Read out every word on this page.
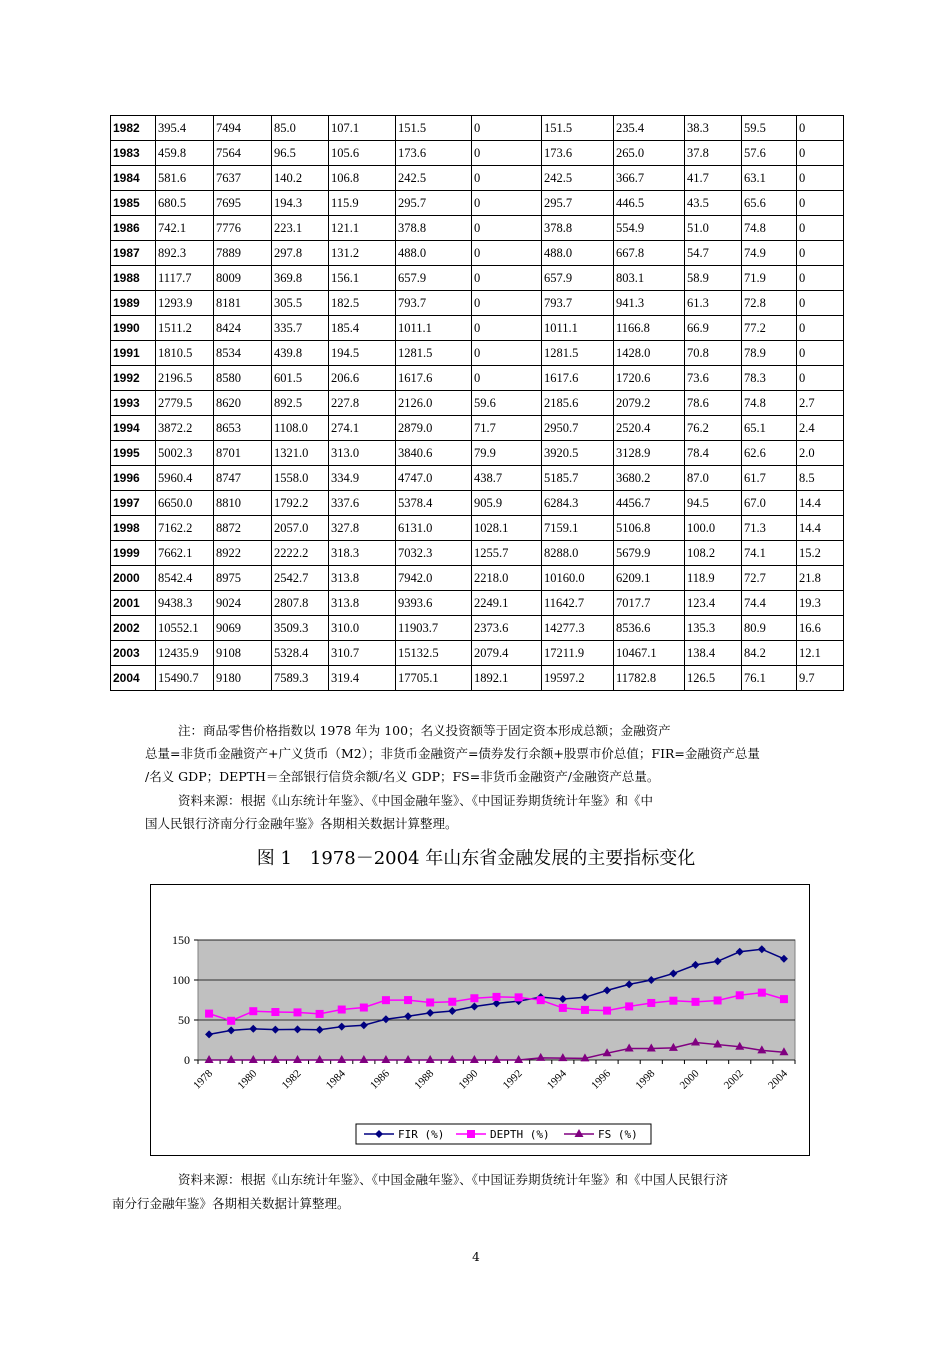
1982	395.4	7494	85.0	107.1	151.5	0	151.5	235.4	38.3	59.5	0
1983	459.8	7564	96.5	105.6	173.6	0	173.6	265.0	37.8	57.6	0
1984	581.6	7637	140.2	106.8	242.5	0	242.5	366.7	41.7	63.1	0
1985	680.5	7695	194.3	115.9	295.7	0	295.7	446.5	43.5	65.6	0
1986	742.1	7776	223.1	121.1	378.8	0	378.8	554.9	51.0	74.8	0
1987	892.3	7889	297.8	131.2	488.0	0	488.0	667.8	54.7	74.9	0
1988	1117.7	8009	369.8	156.1	657.9	0	657.9	803.1	58.9	71.9	0
1989	1293.9	8181	305.5	182.5	793.7	0	793.7	941.3	61.3	72.8	0
1990	1511.2	8424	335.7	185.4	1011.1	0	1011.1	1166.8	66.9	77.2	0
1991	1810.5	8534	439.8	194.5	1281.5	0	1281.5	1428.0	70.8	78.9	0
1992	2196.5	8580	601.5	206.6	1617.6	0	1617.6	1720.6	73.6	78.3	0
1993	2779.5	8620	892.5	227.8	2126.0	59.6	2185.6	2079.2	78.6	74.8	2.7
1994	3872.2	8653	1108.0	274.1	2879.0	71.7	2950.7	2520.4	76.2	65.1	2.4
1995	5002.3	8701	1321.0	313.0	3840.6	79.9	3920.5	3128.9	78.4	62.6	2.0
1996	5960.4	8747	1558.0	334.9	4747.0	438.7	5185.7	3680.2	87.0	61.7	8.5
1997	6650.0	8810	1792.2	337.6	5378.4	905.9	6284.3	4456.7	94.5	67.0	14.4
1998	7162.2	8872	2057.0	327.8	6131.0	1028.1	7159.1	5106.8	100.0	71.3	14.4
1999	7662.1	8922	2222.2	318.3	7032.3	1255.7	8288.0	5679.9	108.2	74.1	15.2
2000	8542.4	8975	2542.7	313.8	7942.0	2218.0	10160.0	6209.1	118.9	72.7	21.8
2001	9438.3	9024	2807.8	313.8	9393.6	2249.1	11642.7	7017.7	123.4	74.4	19.3
2002	10552.1	9069	3509.3	310.0	11903.7	2373.6	14277.3	8536.6	135.3	80.9	16.6
2003	12435.9	9108	5328.4	310.7	15132.5	2079.4	17211.9	10467.1	138.4	84.2	12.1
2004	15490.7	9180	7589.3	319.4	17705.1	1892.1	19597.2	11782.8	126.5	76.1	9.7
注：商品零售价格指数以 1978 年为 100；名义投资额等于固定资本形成总额；金融资产
总量=非货币金融资产+广义货币（M2）；非货币金融资产=债券发行余额+股票市价总值；FIR=金融资产总量
/名义 GDP；DEPTH＝全部银行信贷余额/名义 GDP；FS=非货币金融资产/金融资产总量。
资料来源：根据《山东统计年鉴》、《中国金融年鉴》、《中国证券期货统计年鉴》和《中
国人民银行济南分行金融年鉴》各期相关数据计算整理。
图 1　1978－2004 年山东省金融发展的主要指标变化
0
50
100
150
1978 1980 1982 1984 1986 1988 1990 1992 1994 1996 1998 2000 2002 2004
FIR (%)	DEPTH (%)	FS (%)
资料来源：根据《山东统计年鉴》、《中国金融年鉴》、《中国证券期货统计年鉴》和《中国人民银行济
南分行金融年鉴》各期相关数据计算整理。
4
